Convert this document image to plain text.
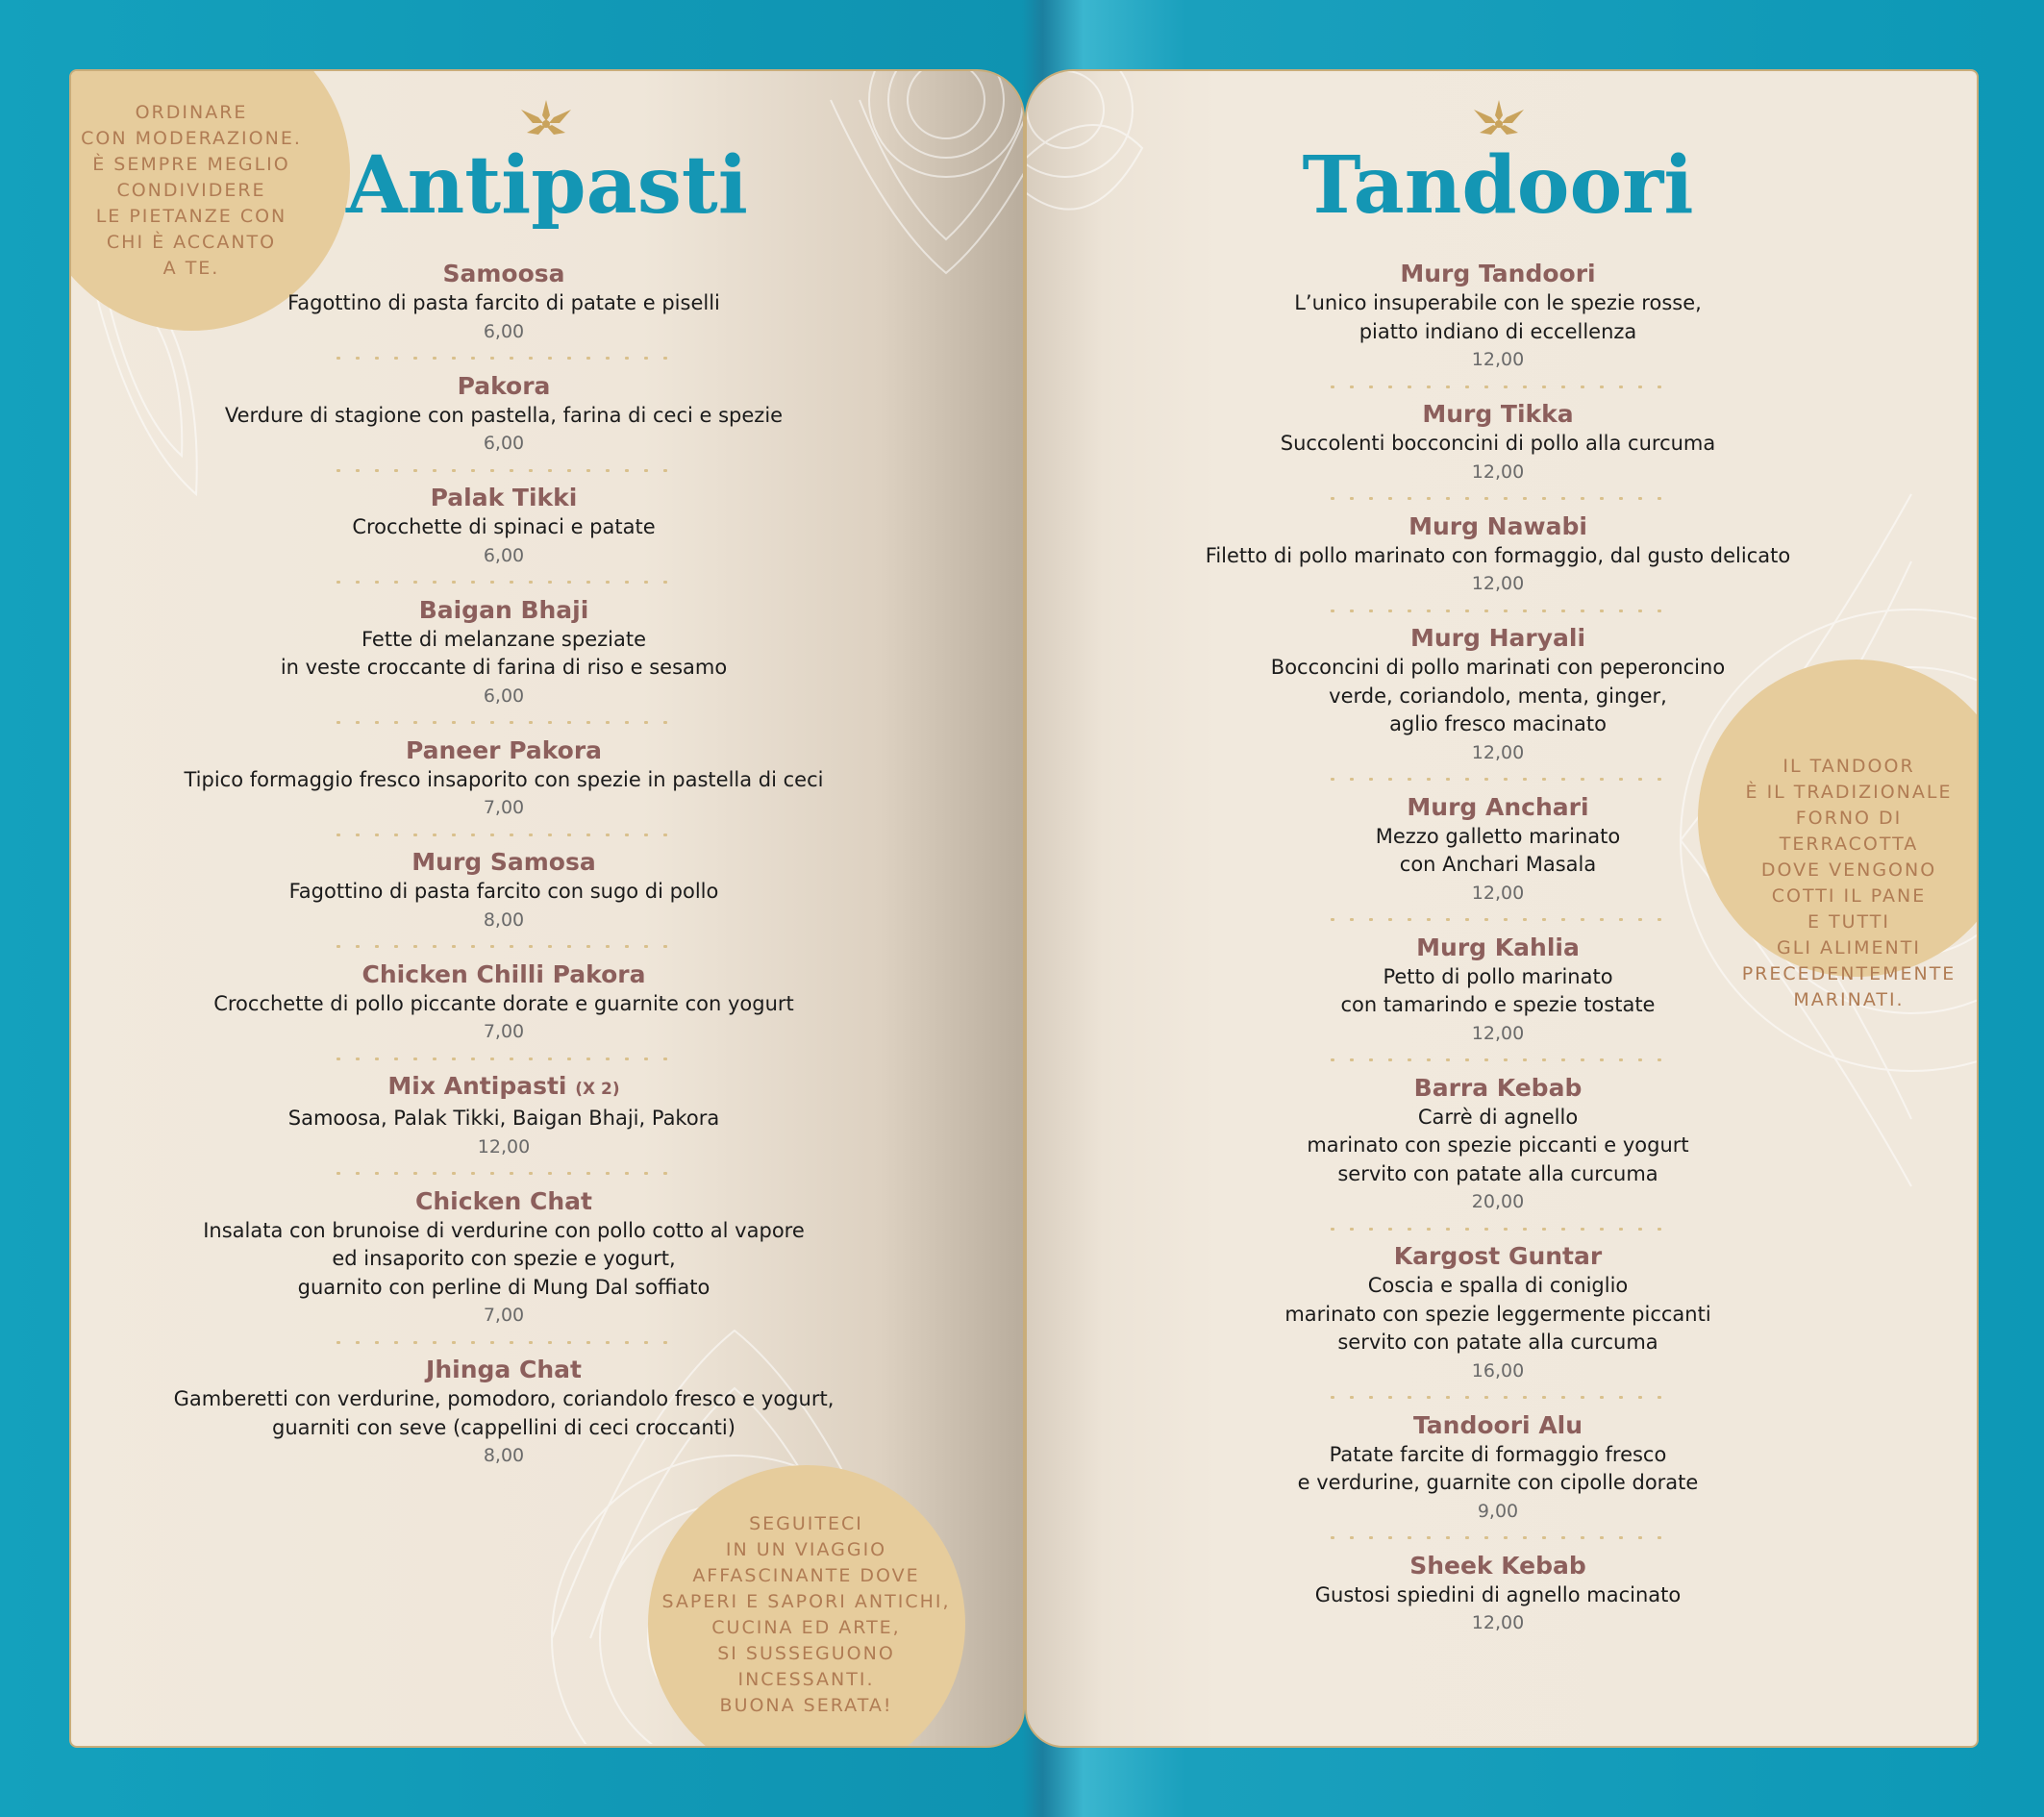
ORDINARE
CON MODERAZIONE.
È SEMPRE MEGLIO
CONDIVIDERE
LE PIETANZE CON
CHI È ACCANTO
A TE.
Antipasti
Samoosa
Fagottino di pasta farcito di patate e piselli
6,00
Pakora
Verdure di stagione con pastella, farina di ceci e spezie
6,00
Palak Tikki
Crocchette di spinaci e patate
6,00
Baigan Bhaji
Fette di melanzane speziate
in veste croccante di farina di riso e sesamo
6,00
Paneer Pakora
Tipico formaggio fresco insaporito con spezie in pastella di ceci
7,00
Murg Samosa
Fagottino di pasta farcito con sugo di pollo
8,00
Chicken Chilli Pakora
Crocchette di pollo piccante dorate e guarnite con yogurt
7,00
Mix Antipasti (X 2)
Samoosa, Palak Tikki, Baigan Bhaji, Pakora
12,00
Chicken Chat
Insalata con brunoise di verdurine con pollo cotto al vapore
ed insaporito con spezie e yogurt,
guarnito con perline di Mung Dal soffiato
7,00
Jhinga Chat
Gamberetti con verdurine, pomodoro, coriandolo fresco e yogurt,
guarniti con seve (cappellini di ceci croccanti)
8,00
SEGUITECI
IN UN VIAGGIO
AFFASCINANTE DOVE
SAPERI E SAPORI ANTICHI,
CUCINA ED ARTE,
SI SUSSEGUONO
INCESSANTI.
BUONA SERATA!
Tandoori
Murg Tandoori
L’unico insuperabile con le spezie rosse,
piatto indiano di eccellenza
12,00
Murg Tikka
Succolenti bocconcini di pollo alla curcuma
12,00
Murg Nawabi
Filetto di pollo marinato con formaggio, dal gusto delicato
12,00
Murg Haryali
Bocconcini di pollo marinati con peperoncino
verde, coriandolo, menta, ginger,
aglio fresco macinato
12,00
Murg Anchari
Mezzo galletto marinato
con Anchari Masala
12,00
Murg Kahlia
Petto di pollo marinato
con tamarindo e spezie tostate
12,00
Barra Kebab
Carrè di agnello
marinato con spezie piccanti e yogurt
servito con patate alla curcuma
20,00
Kargost Guntar
Coscia e spalla di coniglio
marinato con spezie leggermente piccanti
servito con patate alla curcuma
16,00
Tandoori Alu
Patate farcite di formaggio fresco
e verdurine, guarnite con cipolle dorate
9,00
Sheek Kebab
Gustosi spiedini di agnello macinato
12,00
IL TANDOOR
È IL TRADIZIONALE
FORNO DI
TERRACOTTA
DOVE VENGONO
COTTI IL PANE
E TUTTI
GLI ALIMENTI
PRECEDENTEMENTE
MARINATI.
